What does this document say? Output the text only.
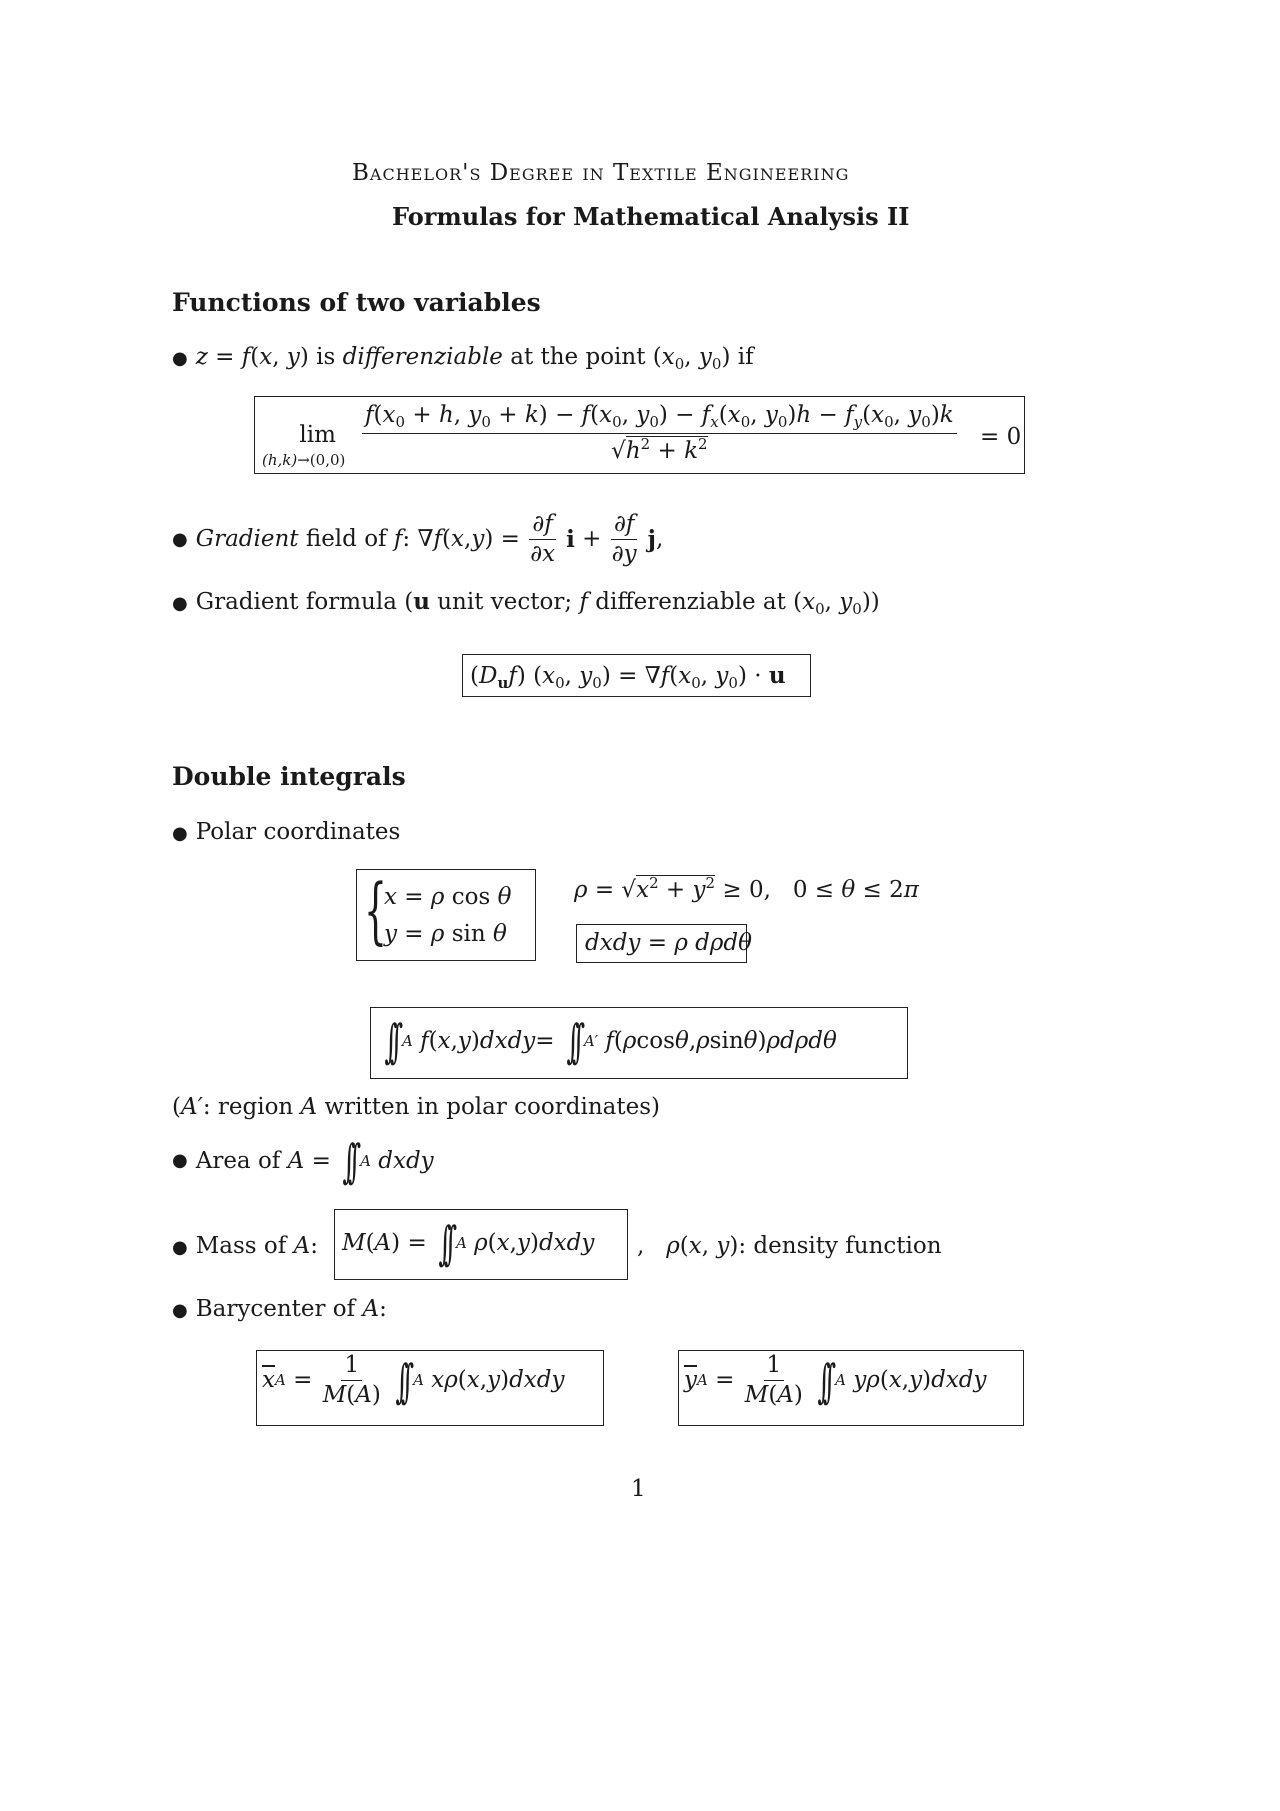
Bachelor's Degree in Textile Engineering
Formulas for Mathematical Analysis II
Functions of two variables
● z = f(x, y) is differenziable at the point ($x_0$, $y_0$) if
lim
$(h,k)\to(0,0) \frac{f(x_0 + h, y_0 + k) - f(x_0, y_0) - f_x(x_0, y_0)h - f_y(x_0, y_0)k}{√h^2 + k^2} = 0$
● Gradient
field of
f : ∇ f ( x , y ) = $\frac{\partial f}{\partial x}$ $i + \frac{\partial f}{\partial y}$ j ,
● Gradient formula (u unit vector; f differenziable at ($x_0$, $y_0$))
$(D_uf)$ ($x_0$, $y_0) = \nabla f(x_0$, $y_0) \cdot u$
Double integrals
● Polar coordinates
{
x = ρ cos θ
y = ρ sin θ
$\rho = √x^2 + y^2 \ge 0$,   0 ≤ θ ≤ 2π
dxdy = ρ dρdθ
∫∫ A
f ( x , y ) dxdy = ∫∫ A′
f ( ρ cos θ , ρ sin θ ) ρdρdθ
(A′: region A written in polar coordinates)
● Area of
A = ∫∫ A
dxdy
● Mass of A: M ( A ) = ∫∫ A
ρ ( x , y ) dxdy ,   ρ(x, y): density function
● Barycenter of A:
$\overline{x}$ $A = \frac{1}{M(A)}$
∫∫ A
xρ ( x , y ) dxdy	$\overline{y}$ $A = \frac{1}{M(A)}$
∫∫ A
yρ ( x , y ) dxdy
1
